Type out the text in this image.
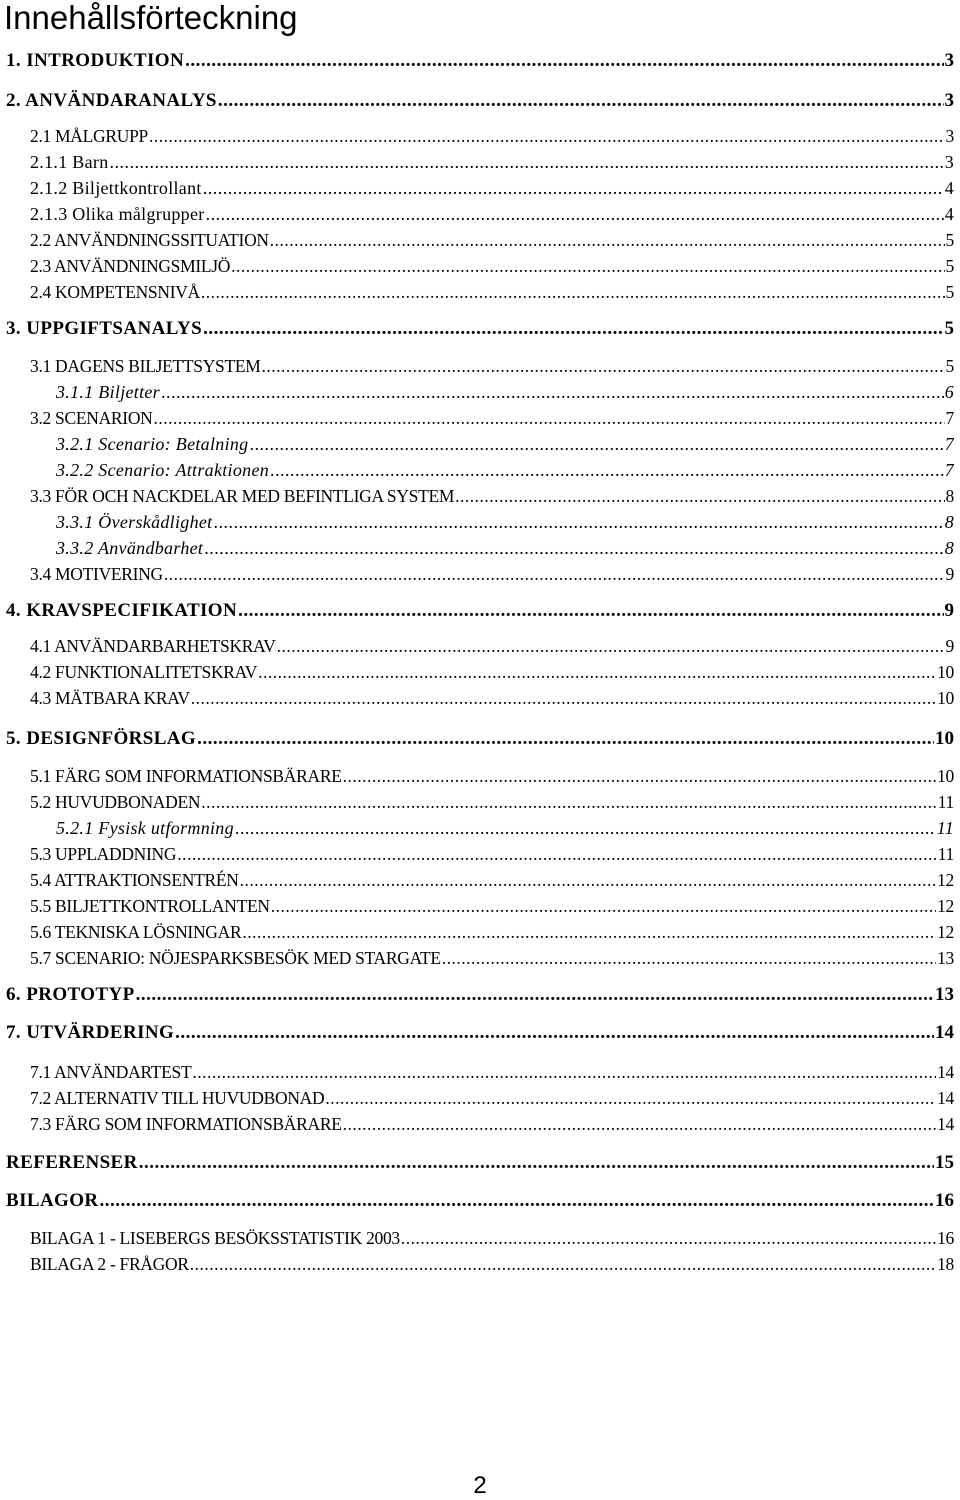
Innehållsförteckning
1. INTRODUKTION .....	3
2. ANVÄNDARANALYS .....	3
2.1 MÅLGRUPP .....	3
2.1.1 Barn .....	3
2.1.2 Biljettkontrollant .....	4
2.1.3 Olika målgrupper .....	4
2.2 ANVÄNDNINGSSITUATION .....	5
2.3 ANVÄNDNINGSMILJÖ .....	5
2.4 KOMPETENSNIVÅ .....	5
3. UPPGIFTSANALYS .....	5
3.1 DAGENS BILJETTSYSTEM .....	5
3.1.1 Biljetter .....	6
3.2 SCENARION .....	7
3.2.1 Scenario: Betalning .....	7
3.2.2 Scenario: Attraktionen .....	7
3.3 FÖR OCH NACKDELAR MED BEFINTLIGA SYSTEM .....	8
3.3.1 Överskådlighet .....	8
3.3.2 Användbarhet .....	8
3.4 MOTIVERING .....	9
4. KRAVSPECIFIKATION .....	9
4.1 ANVÄNDARBARHETSKRAV .....	9
4.2 FUNKTIONALITETSKRAV .....	10
4.3 MÄTBARA KRAV .....	10
5. DESIGNFÖRSLAG .....	10
5.1 FÄRG SOM INFORMATIONSBÄRARE .....	10
5.2 HUVUDBONADEN .....	11
5.2.1 Fysisk utformning .....	11
5.3 UPPLADDNING .....	11
5.4 ATTRAKTIONSENTRÉN .....	12
5.5 BILJETTKONTROLLANTEN .....	12
5.6 TEKNISKA LÖSNINGAR .....	12
5.7 SCENARIO: NÖJESPARKSBESÖK MED STARGATE .....	13
6. PROTOTYP .....	13
7. UTVÄRDERING .....	14
7.1 ANVÄNDARTEST .....	14
7.2 ALTERNATIV TILL HUVUDBONAD .....	14
7.3 FÄRG SOM INFORMATIONSBÄRARE .....	14
REFERENSER .....	15
BILAGOR .....	16
BILAGA 1 - LISEBERGS BESÖKSSTATISTIK 2003 .....	16
BILAGA 2 - FRÅGOR .....	18
2
